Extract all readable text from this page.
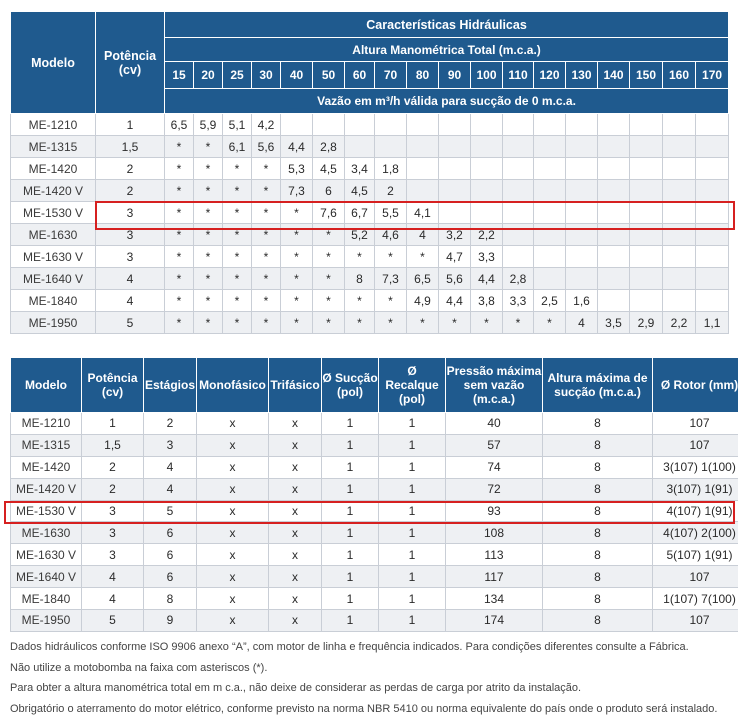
Modelo	Potência (cv)	Características Hidráulicas																	
		Altura Manométrica Total (m.c.a.)																	
		15	20	25	30	40	50	60	70	80	90	100	110	120	130	140	150	160	170
		Vazão em m³/h válida para sucção de 0 m.c.a.																	
ME-1210	1	6,5	5,9	5,1	4,2														
ME-1315	1,5	*	*	6,1	5,6	4,4	2,8												
ME-1420	2	*	*	*	*	5,3	4,5	3,4	1,8										
ME-1420 V	2	*	*	*	*	7,3	6	4,5	2										
ME-1530 V	3	*	*	*	*	*	7,6	6,7	5,5	4,1									
ME-1630	3	*	*	*	*	*	*	5,2	4,6	4	3,2	2,2							
ME-1630 V	3	*	*	*	*	*	*	*	*	*	4,7	3,3							
ME-1640 V	4	*	*	*	*	*	*	8	7,3	6,5	5,6	4,4	2,8						
ME-1840	4	*	*	*	*	*	*	*	*	4,9	4,4	3,8	3,3	2,5	1,6				
ME-1950	5	*	*	*	*	*	*	*	*	*	*	*	*	*	4	3,5	2,9	2,2	1,1
Modelo	Potência (cv)	Estágios	Monofásico	Trifásico	Ø Sucção (pol)	Ø Recalque (pol)	Pressão máxima sem vazão (m.c.a.)	Altura máxima de sucção (m.c.a.)	Ø Rotor (mm)
ME-1210	1	2	x	x	1	1	40	8	107
ME-1315	1,5	3	x	x	1	1	57	8	107
ME-1420	2	4	x	x	1	1	74	8	3(107) 1(100)
ME-1420 V	2	4	x	x	1	1	72	8	3(107) 1(91)
ME-1530 V	3	5	x	x	1	1	93	8	4(107) 1(91)
ME-1630	3	6	x	x	1	1	108	8	4(107) 2(100)
ME-1630 V	3	6	x	x	1	1	113	8	5(107) 1(91)
ME-1640 V	4	6	x	x	1	1	117	8	107
ME-1840	4	8	x	x	1	1	134	8	1(107) 7(100)
ME-1950	5	9	x	x	1	1	174	8	107

Dados hidráulicos conforme ISO 9906 anexo “A”, com motor de linha e frequência indicados. Para condições diferentes consulte a Fábrica.

Não utilize a motobomba na faixa com asteriscos (*).

Para obter a altura manométrica total em m c.a., não deixe de considerar as perdas de carga por atrito da instalação.

Obrigatório o aterramento do motor elétrico, conforme previsto na norma NBR 5410 ou norma equivalente do país onde o produto será instalado.
